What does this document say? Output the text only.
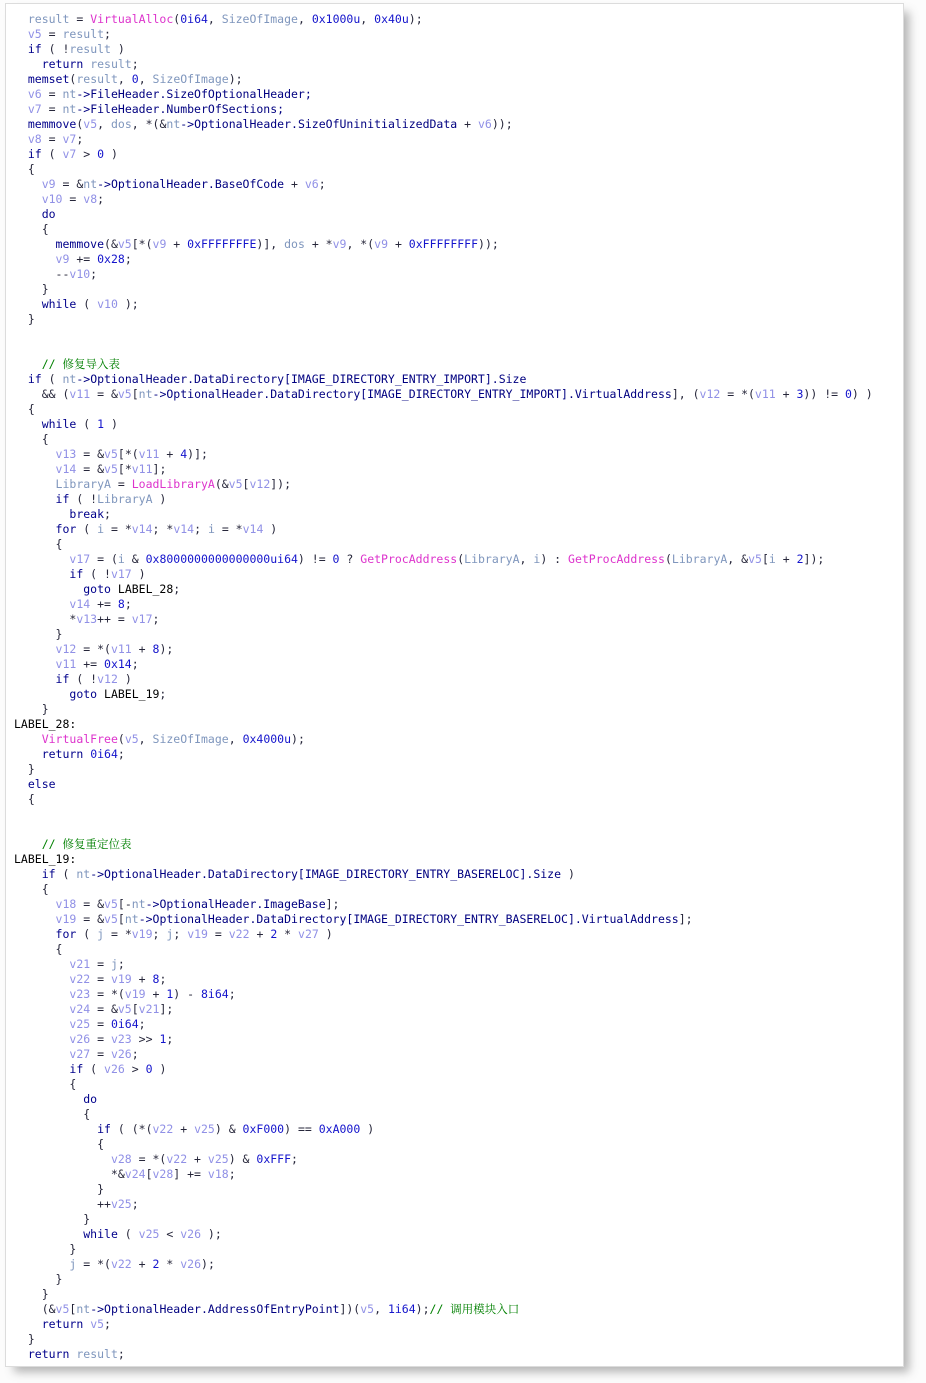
result = VirtualAlloc(0i64, SizeOfImage, 0x1000u, 0x40u);
v5 = result;
if ( !result )
return result;
memset(result, 0, SizeOfImage);
v6 = nt->FileHeader.SizeOfOptionalHeader;
v7 = nt->FileHeader.NumberOfSections;
memmove(v5, dos, *(&nt->OptionalHeader.SizeOfUninitializedData + v6));
v8 = v7;
if ( v7 > 0 )
{
v9 = &nt->OptionalHeader.BaseOfCode + v6;
v10 = v8;
do
{
memmove(&v5[*(v9 + 0xFFFFFFFE)], dos + *v9, *(v9 + 0xFFFFFFFF));
v9 += 0x28;
--v10;
}
while ( v10 );
}
// 修复导入表
if ( nt->OptionalHeader.DataDirectory[IMAGE_DIRECTORY_ENTRY_IMPORT].Size
&& (v11 = &v5[nt->OptionalHeader.DataDirectory[IMAGE_DIRECTORY_ENTRY_IMPORT].VirtualAddress], (v12 = *(v11 + 3)) != 0) )
{
while ( 1 )
{
v13 = &v5[*(v11 + 4)];
v14 = &v5[*v11];
LibraryA = LoadLibraryA(&v5[v12]);
if ( !LibraryA )
break;
for ( i = *v14; *v14; i = *v14 )
{
v17 = (i & 0x8000000000000000ui64) != 0 ? GetProcAddress(LibraryA, i) : GetProcAddress(LibraryA, &v5[i + 2]);
if ( !v17 )
goto LABEL_28;
v14 += 8;
*v13++ = v17;
}
v12 = *(v11 + 8);
v11 += 0x14;
if ( !v12 )
goto LABEL_19;
}
LABEL_28:
VirtualFree(v5, SizeOfImage, 0x4000u);
return 0i64;
}
else
{
// 修复重定位表
LABEL_19:
if ( nt->OptionalHeader.DataDirectory[IMAGE_DIRECTORY_ENTRY_BASERELOC].Size )
{
v18 = &v5[-nt->OptionalHeader.ImageBase];
v19 = &v5[nt->OptionalHeader.DataDirectory[IMAGE_DIRECTORY_ENTRY_BASERELOC].VirtualAddress];
for ( j = *v19; j; v19 = v22 + 2 * v27 )
{
v21 = j;
v22 = v19 + 8;
v23 = *(v19 + 1) - 8i64;
v24 = &v5[v21];
v25 = 0i64;
v26 = v23 >> 1;
v27 = v26;
if ( v26 > 0 )
{
do
{
if ( (*(v22 + v25) & 0xF000) == 0xA000 )
{
v28 = *(v22 + v25) & 0xFFF;
*&v24[v28] += v18;
}
++v25;
}
while ( v25 < v26 );
}
j = *(v22 + 2 * v26);
}
}
(&v5[nt->OptionalHeader.AddressOfEntryPoint])(v5, 1i64);// 调用模块入口
return v5;
}
return result;
